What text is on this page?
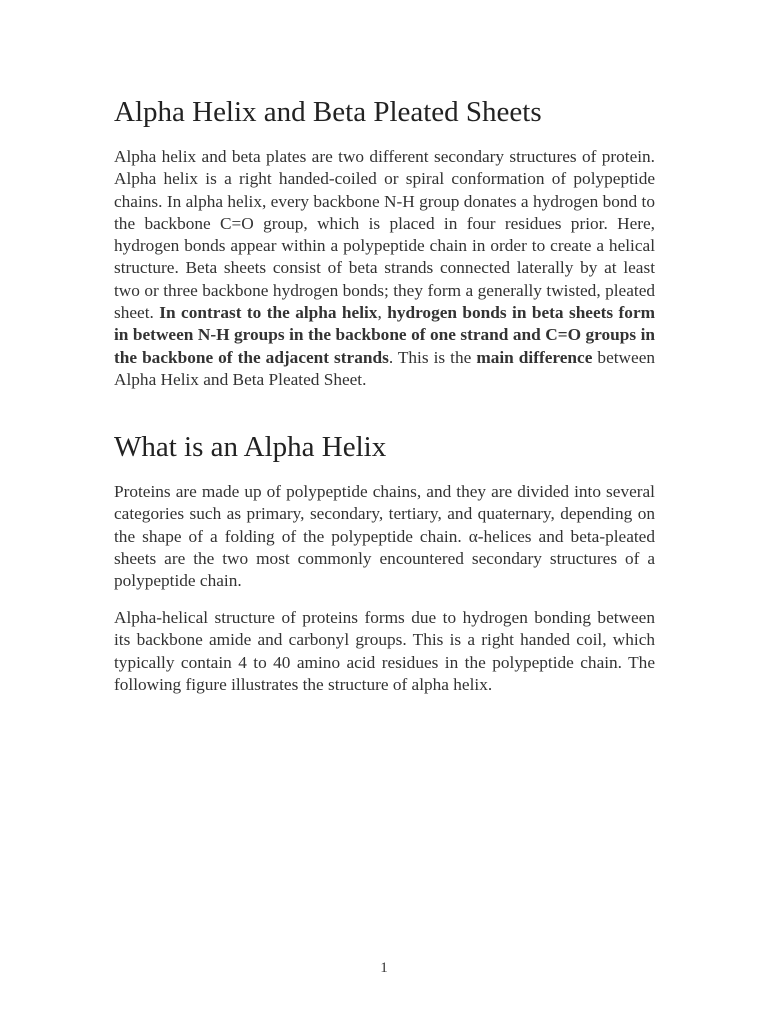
Alpha Helix and Beta Pleated Sheets

Alpha helix and beta plates are two different secondary structures of protein. Alpha helix is a right handed-coiled or spiral conformation of polypeptide chains. In alpha helix, every backbone N-H group donates a hydrogen bond to the backbone C=O group, which is placed in four residues prior. Here, hydrogen bonds appear within a polypeptide chain in order to create a helical structure. Beta sheets consist of beta strands connected laterally by at least two or three backbone hydrogen bonds; they form a generally twisted, pleated sheet. In contrast to the alpha helix, hydrogen bonds in beta sheets form in between N-H groups in the backbone of one strand and C=O groups in the backbone of the adjacent strands. This is the main difference between Alpha Helix and Beta Pleated Sheet.

What is an Alpha Helix

Proteins are made up of polypeptide chains, and they are divided into several categories such as primary, secondary, tertiary, and quaternary, depending on the shape of a folding of the polypeptide chain. α-helices and beta-pleated sheets are the two most commonly encountered secondary structures of a polypeptide chain.

Alpha-helical structure of proteins forms due to hydrogen bonding between its backbone amide and carbonyl groups. This is a right handed coil, which typically contain 4 to 40 amino acid residues in the polypeptide chain. The following figure illustrates the structure of alpha helix.

1
